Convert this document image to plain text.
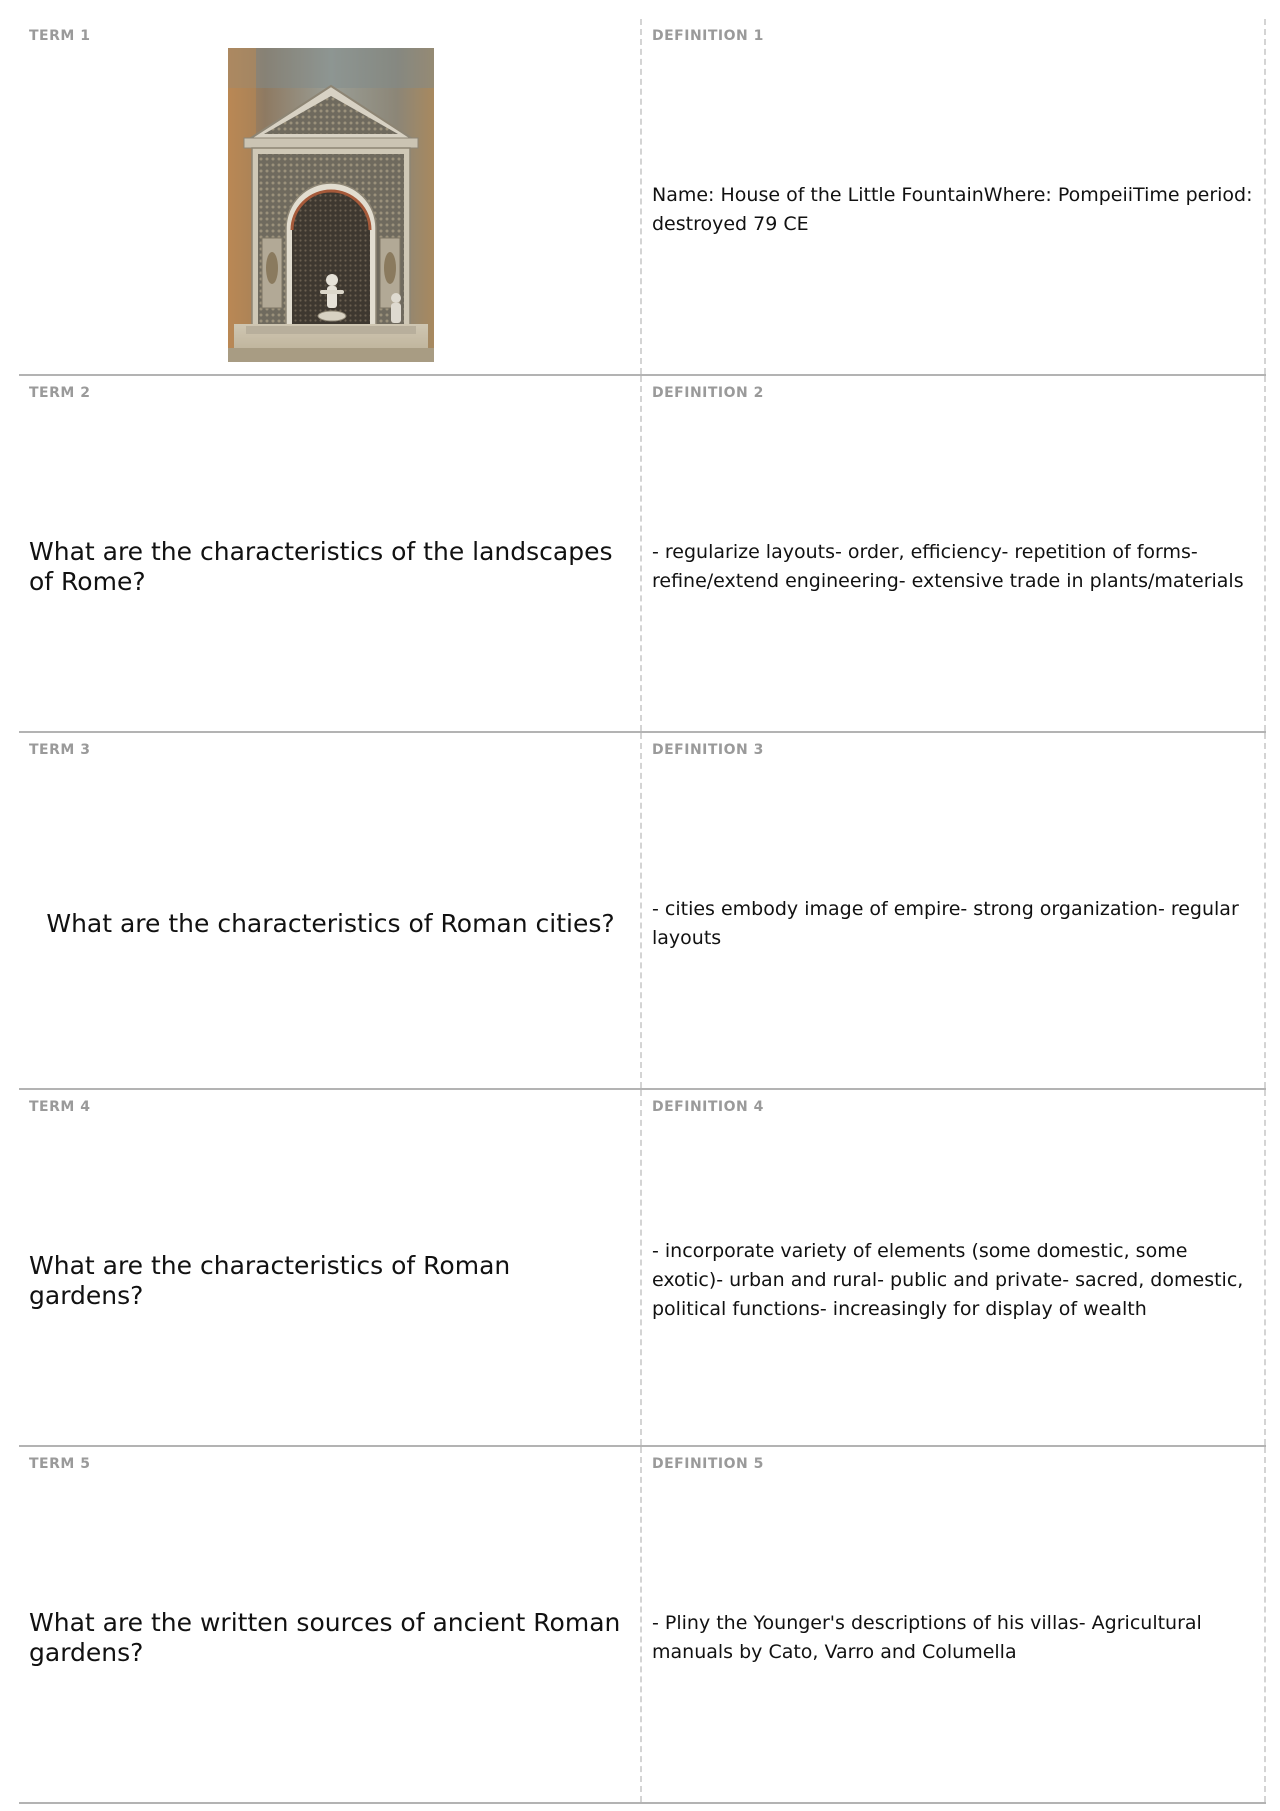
TERM 1	DEFINITION 1
Name: House of the Little FountainWhere: PompeiiTime period: destroyed 79 CE
TERM 2
What are the characteristics of the landscapes of Rome?
DEFINITION 2
- regularize layouts- order, efficiency- repetition of forms- refine/extend engineering- extensive trade in plants/materials
TERM 3
What are the characteristics of Roman cities?
DEFINITION 3
- cities embody image of empire- strong organization- regular layouts
TERM 4
What are the characteristics of Roman gardens?
DEFINITION 4
- incorporate variety of elements (some domestic, some exotic)- urban and rural- public and private- sacred, domestic, political functions- increasingly for display of wealth
TERM 5
What are the written sources of ancient Roman gardens?
DEFINITION 5
- Pliny the Younger's descriptions of his villas- Agricultural manuals by Cato, Varro and Columella
